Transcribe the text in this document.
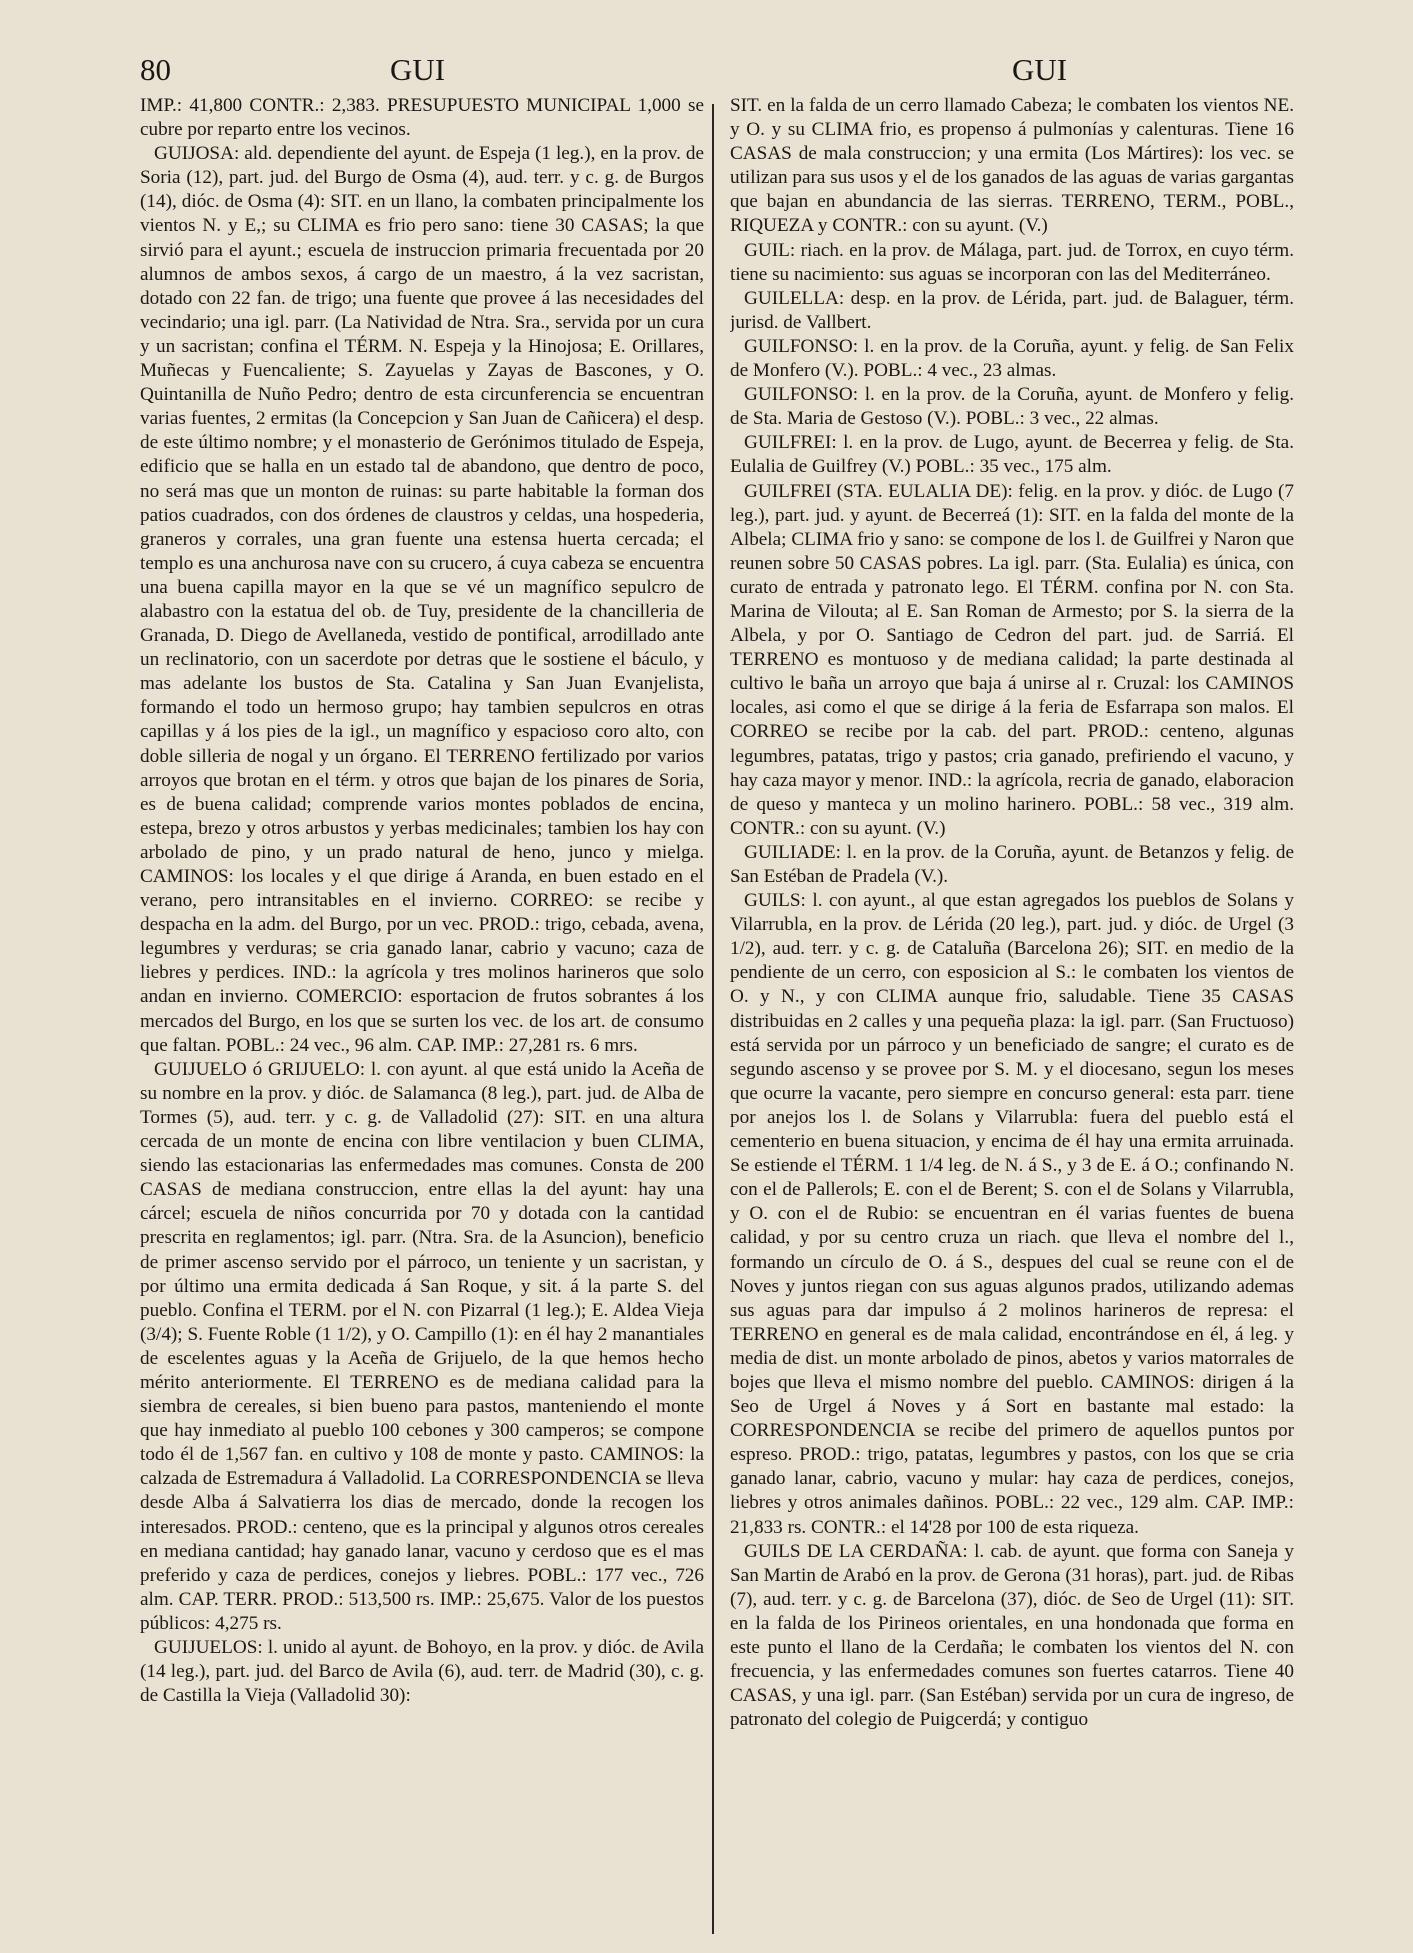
80	GUI	GUI

IMP.: 41,800 CONTR.: 2,383. PRESUPUESTO MUNICIPAL 1,000 se cubre por reparto entre los vecinos.

GUIJOSA: ald. dependiente del ayunt. de Espeja (1 leg.), en la prov. de Soria (12), part. jud. del Burgo de Osma (4), aud. terr. y c. g. de Burgos (14), dióc. de Osma (4): SIT. en un llano, la combaten principalmente los vientos N. y E,; su CLIMA es frio pero sano: tiene 30 CASAS; la que sirvió para el ayunt.; escuela de instruccion primaria frecuentada por 20 alumnos de ambos sexos, á cargo de un maestro, á la vez sacristan, dotado con 22 fan. de trigo; una fuente que provee á las necesidades del vecindario; una igl. parr. (La Natividad de Ntra. Sra., servida por un cura y un sacristan; confina el TÉRM. N. Espeja y la Hinojosa; E. Orillares, Muñecas y Fuencaliente; S. Zayuelas y Zayas de Bascones, y O. Quintanilla de Nuño Pedro; dentro de esta circunferencia se encuentran varias fuentes, 2 ermitas (la Concepcion y San Juan de Cañicera) el desp. de este último nombre; y el monasterio de Gerónimos titulado de Espeja, edificio que se halla en un estado tal de abandono, que dentro de poco, no será mas que un monton de ruinas: su parte habitable la forman dos patios cuadrados, con dos órdenes de claustros y celdas, una hospederia, graneros y corrales, una gran fuente una estensa huerta cercada; el templo es una anchurosa nave con su crucero, á cuya cabeza se encuentra una buena capilla mayor en la que se vé un magnífico sepulcro de alabastro con la estatua del ob. de Tuy, presidente de la chancilleria de Granada, D. Diego de Avellaneda, vestido de pontifical, arrodillado ante un reclinatorio, con un sacerdote por detras que le sostiene el báculo, y mas adelante los bustos de Sta. Catalina y San Juan Evanjelista, formando el todo un hermoso grupo; hay tambien sepulcros en otras capillas y á los pies de la igl., un magnífico y espacioso coro alto, con doble silleria de nogal y un órgano. El TERRENO fertilizado por varios arroyos que brotan en el térm. y otros que bajan de los pinares de Soria, es de buena calidad; comprende varios montes poblados de encina, estepa, brezo y otros arbustos y yerbas medicinales; tambien los hay con arbolado de pino, y un prado natural de heno, junco y mielga. CAMINOS: los locales y el que dirige á Aranda, en buen estado en el verano, pero intransitables en el invierno. CORREO: se recibe y despacha en la adm. del Burgo, por un vec. PROD.: trigo, cebada, avena, legumbres y verduras; se cria ganado lanar, cabrio y vacuno; caza de liebres y perdices. IND.: la agrícola y tres molinos harineros que solo andan en invierno. COMERCIO: esportacion de frutos sobrantes á los mercados del Burgo, en los que se surten los vec. de los art. de consumo que faltan. POBL.: 24 vec., 96 alm. CAP. IMP.: 27,281 rs. 6 mrs.

GUIJUELO ó GRIJUELO: l. con ayunt. al que está unido la Aceña de su nombre en la prov. y dióc. de Salamanca (8 leg.), part. jud. de Alba de Tormes (5), aud. terr. y c. g. de Valladolid (27): SIT. en una altura cercada de un monte de encina con libre ventilacion y buen CLIMA, siendo las estacionarias las enfermedades mas comunes. Consta de 200 CASAS de mediana construccion, entre ellas la del ayunt: hay una cárcel; escuela de niños concurrida por 70 y dotada con la cantidad prescrita en reglamentos; igl. parr. (Ntra. Sra. de la Asuncion), beneficio de primer ascenso servido por el párroco, un teniente y un sacristan, y por último una ermita dedicada á San Roque, y sit. á la parte S. del pueblo. Confina el TERM. por el N. con Pizarral (1 leg.); E. Aldea Vieja (3/4); S. Fuente Roble (1 1/2), y O. Campillo (1): en él hay 2 manantiales de escelentes aguas y la Aceña de Grijuelo, de la que hemos hecho mérito anteriormente. El TERRENO es de mediana calidad para la siembra de cereales, si bien bueno para pastos, manteniendo el monte que hay inmediato al pueblo 100 cebones y 300 camperos; se compone todo él de 1,567 fan. en cultivo y 108 de monte y pasto. CAMINOS: la calzada de Estremadura á Valladolid. La CORRESPONDENCIA se lleva desde Alba á Salvatierra los dias de mercado, donde la recogen los interesados. PROD.: centeno, que es la principal y algunos otros cereales en mediana cantidad; hay ganado lanar, vacuno y cerdoso que es el mas preferido y caza de perdices, conejos y liebres. POBL.: 177 vec., 726 alm. CAP. TERR. PROD.: 513,500 rs. IMP.: 25,675. Valor de los puestos públicos: 4,275 rs.

GUIJUELOS: l. unido al ayunt. de Bohoyo, en la prov. y dióc. de Avila (14 leg.), part. jud. del Barco de Avila (6), aud. terr. de Madrid (30), c. g. de Castilla la Vieja (Valladolid 30):

SIT. en la falda de un cerro llamado Cabeza; le combaten los vientos NE. y O. y su CLIMA frio, es propenso á pulmonías y calenturas. Tiene 16 CASAS de mala construccion; y una ermita (Los Mártires): los vec. se utilizan para sus usos y el de los ganados de las aguas de varias gargantas que bajan en abundancia de las sierras. TERRENO, TERM., POBL., RIQUEZA y CONTR.: con su ayunt. (V.)

GUIL: riach. en la prov. de Málaga, part. jud. de Torrox, en cuyo térm. tiene su nacimiento: sus aguas se incorporan con las del Mediterráneo.

GUILELLA: desp. en la prov. de Lérida, part. jud. de Balaguer, térm. jurisd. de Vallbert.

GUILFONSO: l. en la prov. de la Coruña, ayunt. y felig. de San Felix de Monfero (V.). POBL.: 4 vec., 23 almas.

GUILFONSO: l. en la prov. de la Coruña, ayunt. de Monfero y felig. de Sta. Maria de Gestoso (V.). POBL.: 3 vec., 22 almas.

GUILFREI: l. en la prov. de Lugo, ayunt. de Becerrea y felig. de Sta. Eulalia de Guilfrey (V.) POBL.: 35 vec., 175 alm.

GUILFREI (STA. EULALIA DE): felig. en la prov. y dióc. de Lugo (7 leg.), part. jud. y ayunt. de Becerreá (1): SIT. en la falda del monte de la Albela; CLIMA frio y sano: se compone de los l. de Guilfrei y Naron que reunen sobre 50 CASAS pobres. La igl. parr. (Sta. Eulalia) es única, con curato de entrada y patronato lego. El TÉRM. confina por N. con Sta. Marina de Vilouta; al E. San Roman de Armesto; por S. la sierra de la Albela, y por O. Santiago de Cedron del part. jud. de Sarriá. El TERRENO es montuoso y de mediana calidad; la parte destinada al cultivo le baña un arroyo que baja á unirse al r. Cruzal: los CAMINOS locales, asi como el que se dirige á la feria de Esfarrapa son malos. El CORREO se recibe por la cab. del part. PROD.: centeno, algunas legumbres, patatas, trigo y pastos; cria ganado, prefiriendo el vacuno, y hay caza mayor y menor. IND.: la agrícola, recria de ganado, elaboracion de queso y manteca y un molino harinero. POBL.: 58 vec., 319 alm. CONTR.: con su ayunt. (V.)

GUILIADE: l. en la prov. de la Coruña, ayunt. de Betanzos y felig. de San Estéban de Pradela (V.).

GUILS: l. con ayunt., al que estan agregados los pueblos de Solans y Vilarrubla, en la prov. de Lérida (20 leg.), part. jud. y dióc. de Urgel (3 1/2), aud. terr. y c. g. de Cataluña (Barcelona 26); SIT. en medio de la pendiente de un cerro, con esposicion al S.: le combaten los vientos de O. y N., y con CLIMA aunque frio, saludable. Tiene 35 CASAS distribuidas en 2 calles y una pequeña plaza: la igl. parr. (San Fructuoso) está servida por un párroco y un beneficiado de sangre; el curato es de segundo ascenso y se provee por S. M. y el diocesano, segun los meses que ocurre la vacante, pero siempre en concurso general: esta parr. tiene por anejos los l. de Solans y Vilarrubla: fuera del pueblo está el cementerio en buena situacion, y encima de él hay una ermita arruinada. Se estiende el TÉRM. 1 1/4 leg. de N. á S., y 3 de E. á O.; confinando N. con el de Pallerols; E. con el de Berent; S. con el de Solans y Vilarrubla, y O. con el de Rubio: se encuentran en él varias fuentes de buena calidad, y por su centro cruza un riach. que lleva el nombre del l., formando un círculo de O. á S., despues del cual se reune con el de Noves y juntos riegan con sus aguas algunos prados, utilizando ademas sus aguas para dar impulso á 2 molinos harineros de represa: el TERRENO en general es de mala calidad, encontrándose en él, á leg. y media de dist. un monte arbolado de pinos, abetos y varios matorrales de bojes que lleva el mismo nombre del pueblo. CAMINOS: dirigen á la Seo de Urgel á Noves y á Sort en bastante mal estado: la CORRESPONDENCIA se recibe del primero de aquellos puntos por espreso. PROD.: trigo, patatas, legumbres y pastos, con los que se cria ganado lanar, cabrio, vacuno y mular: hay caza de perdices, conejos, liebres y otros animales dañinos. POBL.: 22 vec., 129 alm. CAP. IMP.: 21,833 rs. CONTR.: el 14'28 por 100 de esta riqueza.

GUILS DE LA CERDAÑA: l. cab. de ayunt. que forma con Saneja y San Martin de Arabó en la prov. de Gerona (31 horas), part. jud. de Ribas (7), aud. terr. y c. g. de Barcelona (37), dióc. de Seo de Urgel (11): SIT. en la falda de los Pirineos orientales, en una hondonada que forma en este punto el llano de la Cerdaña; le combaten los vientos del N. con frecuencia, y las enfermedades comunes son fuertes catarros. Tiene 40 CASAS, y una igl. parr. (San Estéban) servida por un cura de ingreso, de patronato del colegio de Puigcerdá; y contiguo
